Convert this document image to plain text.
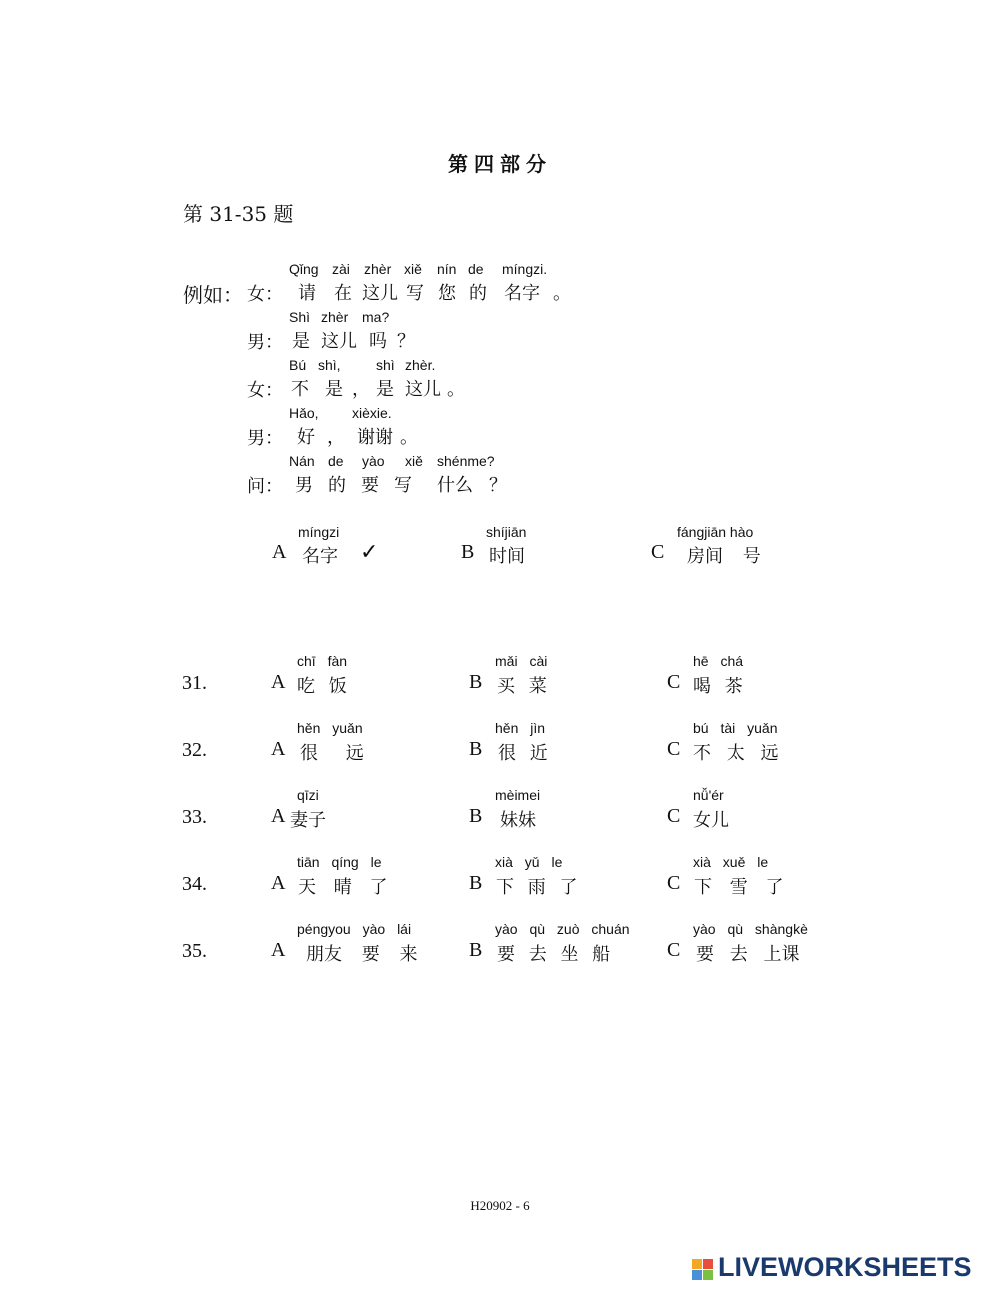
第四部分
第 31-35 题
例如： 女：
Qǐng zài zhèr xiě nín de míngzi.
请 在 这儿 写 您 的 名字 。
男：
Shì zhèr ma?
是 这儿 吗 ？
女：
Bú shì,	shì zhèr.
不 是 ， 是 这儿 。
男：
Hǎo, xièxie.
好 ， 谢谢 。
问：
Nán de yào xiě shénme?
男 的 要 写 什么 ？
míngzi
A 名字 ✓
shíjiān
B 时间
fángjiān hào
C 房间 号
31.
chī fàn
A 吃 饭
mǎi cài
B 买 菜
hē chá
C 喝 茶
32.
hěn yuǎn
A 很 远
hěn jìn
B 很 近
bú tài yuǎn
C 不 太 远
33.
qīzi
A 妻子
mèimei
B 妹妹
nǚ'ér
C 女儿
34.
tiān qíng le
A 天 晴 了
xià yǔ le
B 下 雨 了
xià xuě le
C 下 雪 了
35.
péngyou yào lái
A 朋友 要 来
yào qù zuò chuán
B 要 去 坐 船
yào qù shàngkè
C 要 去 上课
H20902 - 6
LIVEWORKSHEETS
